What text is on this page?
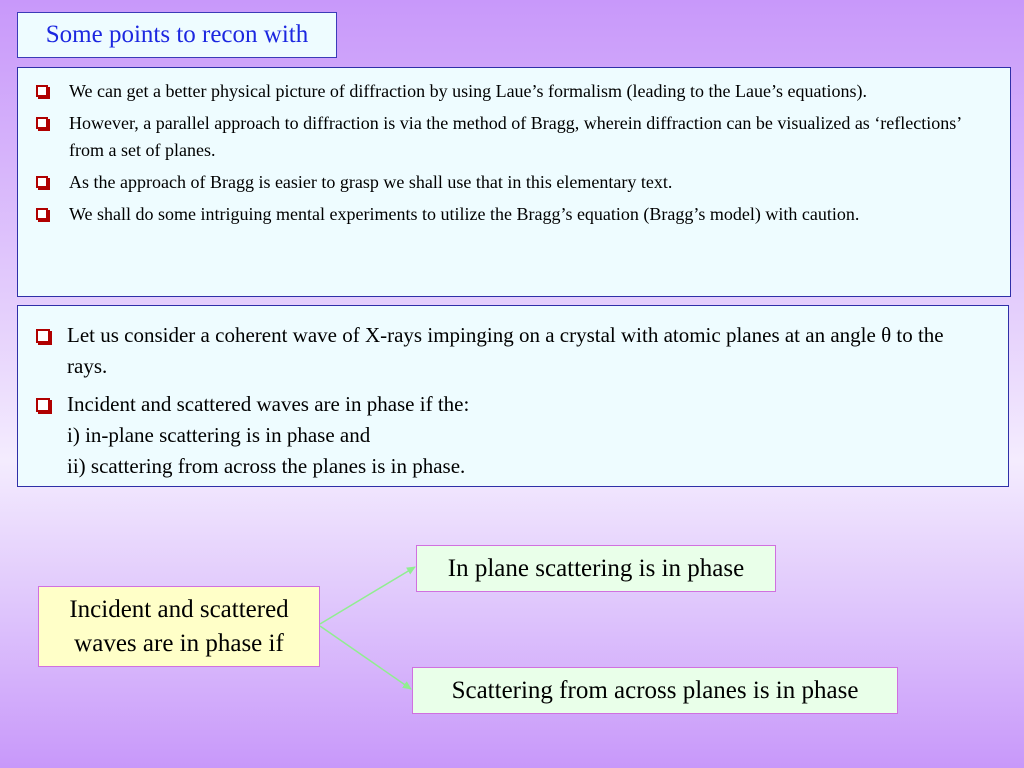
Some points to recon with
We can get a better physical picture of diffraction by using Laue’s formalism (leading to the Laue’s equations).
However, a parallel approach to diffraction is via the method of Bragg, wherein diffraction can be visualized as ‘reflections’ from a set of planes.
As the approach of Bragg is easier to grasp we shall use that in this elementary text.
We shall do some intriguing mental experiments to utilize the Bragg’s equation (Bragg’s model) with caution.
Let us consider a coherent wave of X-rays impinging on a crystal with atomic planes at an angle θ to the rays.
Incident and scattered waves are in phase if the:
i) in-plane scattering is in phase and
ii) scattering from across the planes is in phase.
Incident and scattered
waves are in phase if
In plane scattering is in phase
Scattering from across planes is in phase
